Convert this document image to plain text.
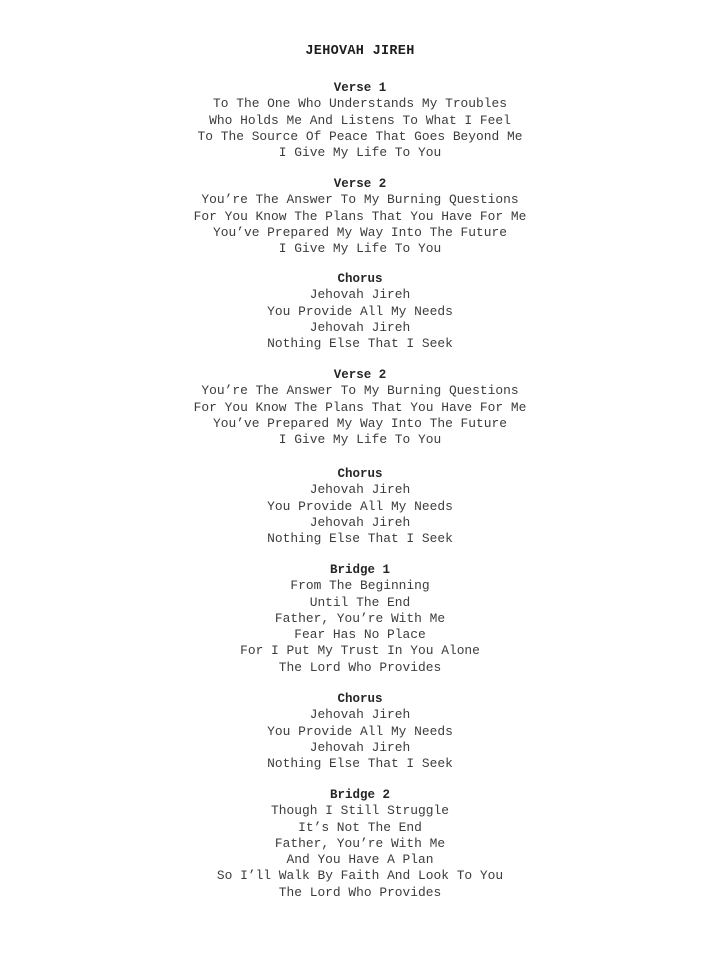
JEHOVAH JIREH
Verse 1
To The One Who Understands My Troubles
Who Holds Me And Listens To What I Feel
To The Source Of Peace That Goes Beyond Me
I Give My Life To You
Verse 2
You’re The Answer To My Burning Questions
For You Know The Plans That You Have For Me
You’ve Prepared My Way Into The Future
I Give My Life To You
Chorus
Jehovah Jireh
You Provide All My Needs
Jehovah Jireh
Nothing Else That I Seek
Verse 2
You’re The Answer To My Burning Questions
For You Know The Plans That You Have For Me
You’ve Prepared My Way Into The Future
I Give My Life To You
Chorus
Jehovah Jireh
You Provide All My Needs
Jehovah Jireh
Nothing Else That I Seek
Bridge 1
From The Beginning
Until The End
Father, You’re With Me
Fear Has No Place
For I Put My Trust In You Alone
The Lord Who Provides
Chorus
Jehovah Jireh
You Provide All My Needs
Jehovah Jireh
Nothing Else That I Seek
Bridge 2
Though I Still Struggle
It’s Not The End
Father, You’re With Me
And You Have A Plan
So I’ll Walk By Faith And Look To You
The Lord Who Provides
